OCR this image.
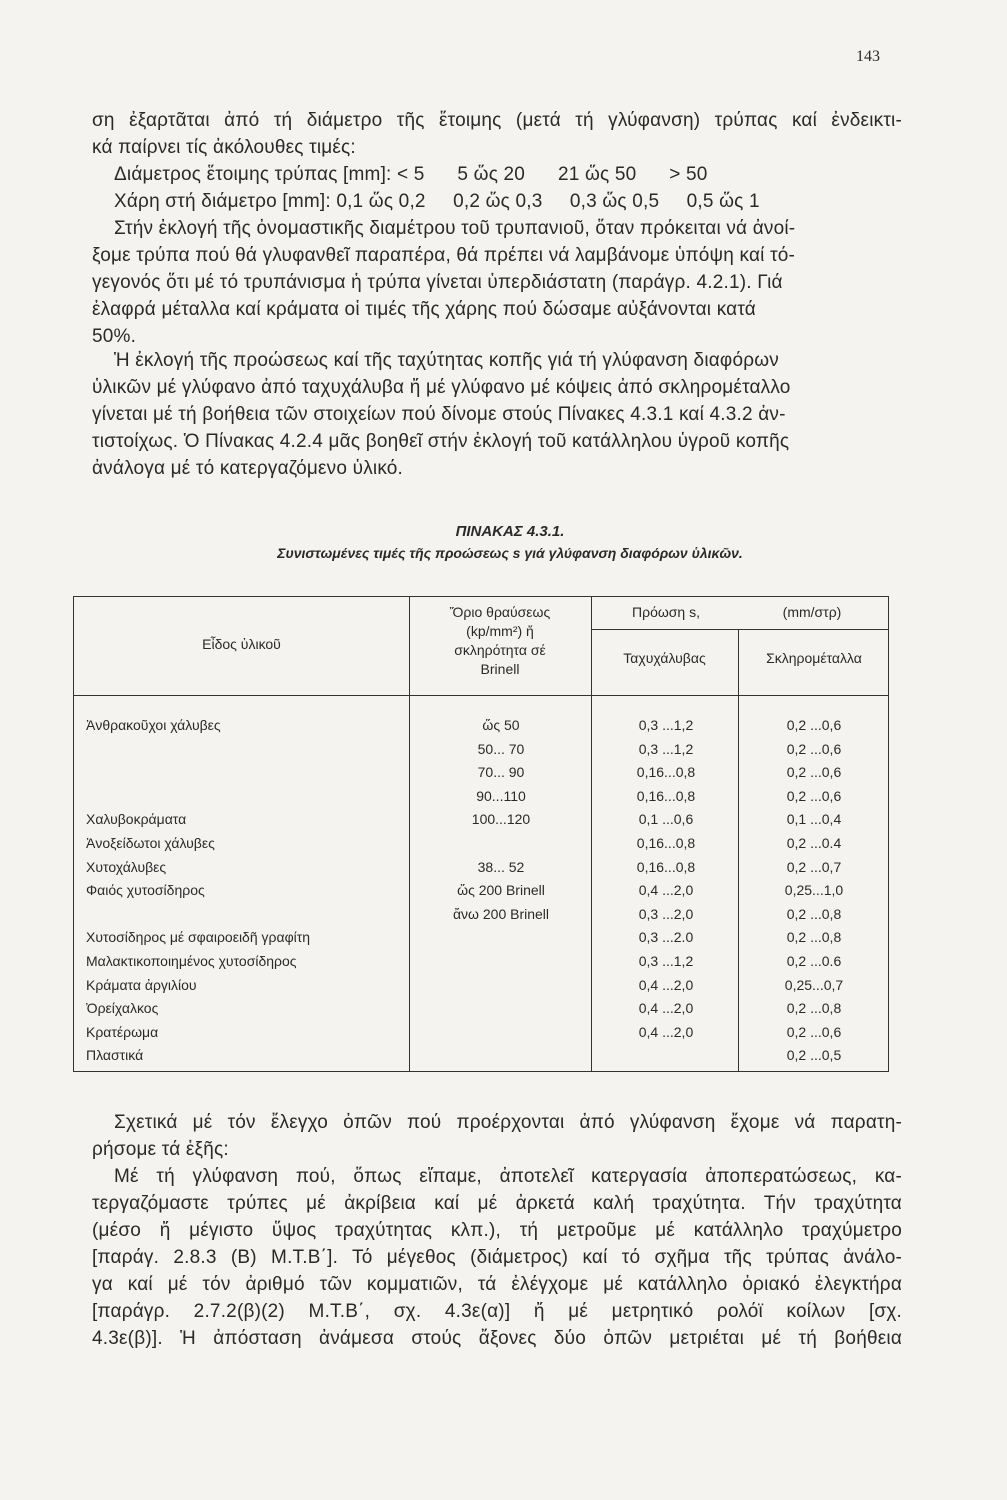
143
ση ἐξαρτᾶται ἀπό τή διάμετρο τῆς ἕτοιμης (μετά τή γλύφανση) τρύπας καί ἐνδεικτι-
κά παίρνει τίς ἀκόλουθες τιμές:
Διάμετρος ἕτοιμης τρύπας [mm]: < 5      5 ὥς 20      21 ὥς 50      > 50
Χάρη στή διάμετρο [mm]: 0,1 ὥς 0,2     0,2 ὥς 0,3     0,3 ὥς 0,5     0,5 ὥς 1
Στήν ἐκλογή τῆς ὀνομαστικῆς διαμέτρου τοῦ τρυπανιοῦ, ὅταν πρόκειται νά ἀνοί-
ξομε τρύπα πού θά γλυφανθεῖ παραπέρα, θά πρέπει νά λαμβάνομε ὑπόψη καί τό-
γεγονός ὅτι μέ τό τρυπάνισμα ἡ τρύπα γίνεται ὑπερδιάστατη (παράγρ. 4.2.1). Γιά
ἐλαφρά μέταλλα καί κράματα οἱ τιμές τῆς χάρης πού δώσαμε αὐξάνονται κατά
50%.
Ἡ ἐκλογή τῆς προώσεως καί τῆς ταχύτητας κοπῆς γιά τή γλύφανση διαφόρων
ὑλικῶν μέ γλύφανο ἀπό ταχυχάλυβα ἤ μέ γλύφανο μέ κόψεις ἀπό σκληρομέταλλο
γίνεται μέ τή βοήθεια τῶν στοιχείων πού δίνομε στούς Πίνακες 4.3.1 καί 4.3.2 ἀν-
τιστοίχως. Ὁ Πίνακας 4.2.4 μᾶς βοηθεῖ στήν ἐκλογή τοῦ κατάλληλου ὑγροῦ κοπῆς
ἀνάλογα μέ τό κατεργαζόμενο ὑλικό.
ΠΙΝΑΚΑΣ 4.3.1.
Συνιστωμένες τιμές τῆς προώσεως s γιά γλύφανση διαφόρων ὑλικῶν.
Εἶδος ὑλικοῦ
Ὅριο θραύσεως
(kp/mm²) ἤ
σκληρότητα σέ
Brinell
Πρόωση s,	(mm/στρ)
Ταχυχάλυβας	Σκληρομέταλλα
Ἀνθρακοῦχοι χάλυβες
Χαλυβοκράματα
Ἀνοξείδωτοι χάλυβες
Χυτοχάλυβες
Φαιός χυτοσίδηρος
Χυτοσίδηρος μέ σφαιροειδῆ γραφίτη
Μαλακτικοποιημένος χυτοσίδηρος
Κράματα ἀργιλίου
Ὀρείχαλκος
Κρατέρωμα
Πλαστικά
ὥς 50
50... 70
70... 90
90...110
100...120
38... 52
ὥς 200 Brinell
ἄνω 200 Brinell
0,3 ...1,2
0,3 ...1,2
0,16...0,8
0,16...0,8
0,1 ...0,6
0,16...0,8
0,16...0,8
0,4 ...2,0
0,3 ...2,0
0,3 ...2.0
0,3 ...1,2
0,4 ...2,0
0,4 ...2,0
0,4 ...2,0
0,2 ...0,6
0,2 ...0,6
0,2 ...0,6
0,2 ...0,6
0,1 ...0,4
0,2 ...0.4
0,2 ...0,7
0,25...1,0
0,2 ...0,8
0,2 ...0,8
0,2 ...0.6
0,25...0,7
0,2 ...0,8
0,2 ...0,6
0,2 ...0,5
Σχετικά μέ τόν ἔλεγχο ὀπῶν πού προέρχονται ἀπό γλύφανση ἔχομε νά παρατη-
ρήσομε τά ἑξῆς:
Μέ τή γλύφανση πού, ὅπως εἴπαμε, ἀποτελεῖ κατεργασία ἀποπερατώσεως, κα-
τεργαζόμαστε τρύπες μέ ἀκρίβεια καί μέ ἀρκετά καλή τραχύτητα. Τήν τραχύτητα
(μέσο ἤ μέγιστο ὕψος τραχύτητας κλπ.), τή μετροῦμε μέ κατάλληλο τραχύμετρο
[παράγ. 2.8.3 (Β) Μ.Τ.Β΄]. Τό μέγεθος (διάμετρος) καί τό σχῆμα τῆς τρύπας ἀνάλο-
γα καί μέ τόν ἀριθμό τῶν κομματιῶν, τά ἐλέγχομε μέ κατάλληλο ὁριακό ἐλεγκτήρα
[παράγρ. 2.7.2(β)(2) Μ.Τ.Β΄, σχ. 4.3ε(α)] ἤ μέ μετρητικό ρολόϊ κοίλων [σχ.
4.3ε(β)]. Ἡ ἀπόσταση ἀνάμεσα στούς ἄξονες δύο ὀπῶν μετριέται μέ τή βοήθεια
